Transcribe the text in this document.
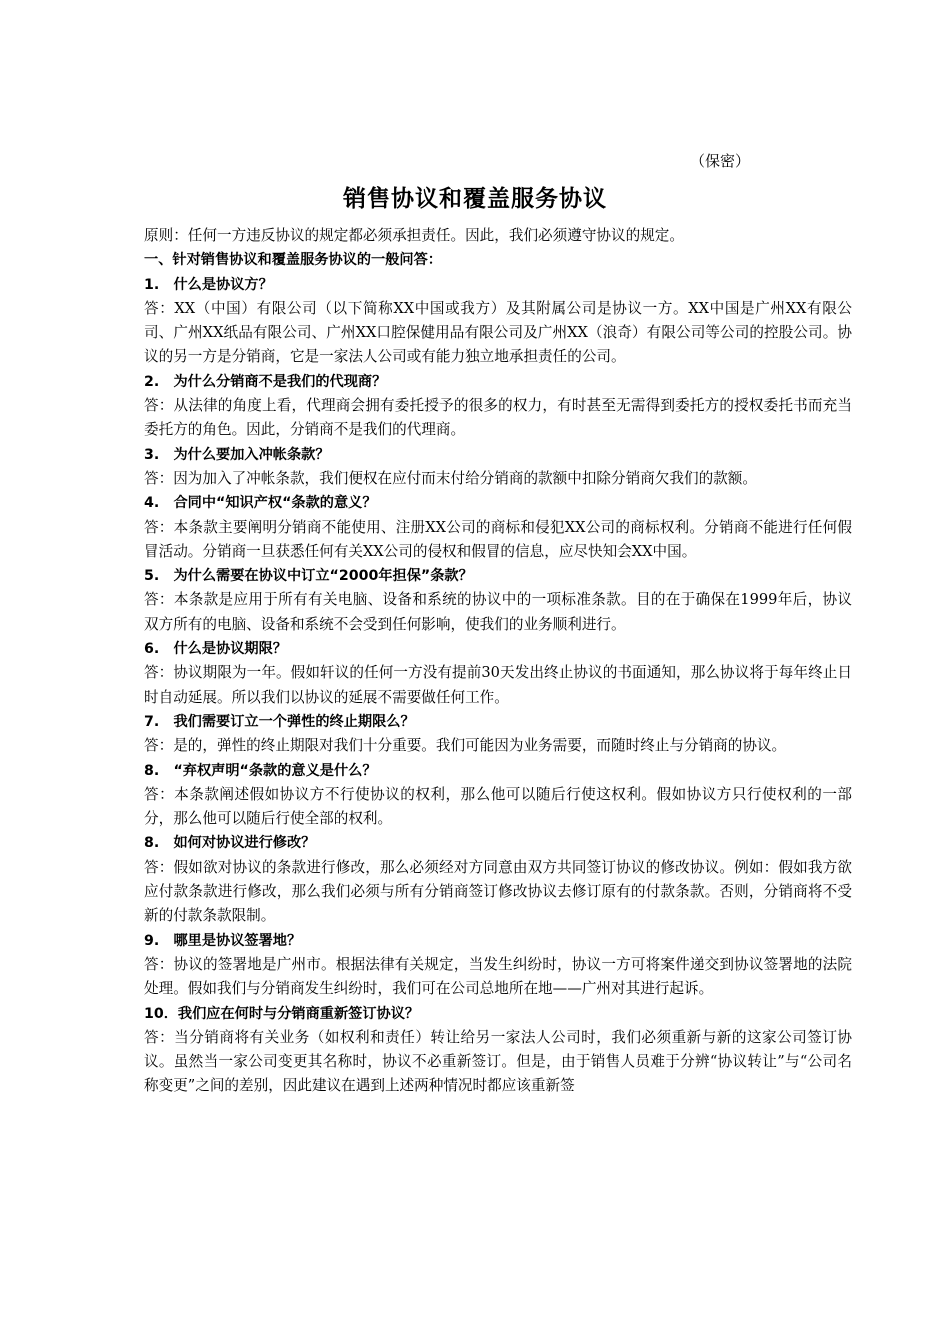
（保密）
销售协议和覆盖服务协议

原则：任何一方违反协议的规定都必须承担责任。因此，我们必须遵守协议的规定。

一、针对销售协议和覆盖服务协议的一般问答：

1.　什么是协议方？

答：XX（中国）有限公司（以下简称XX中国或我方）及其附属公司是协议一方。XX中国是广州XX有限公司、广州XX纸品有限公司、广州XX口腔保健用品有限公司及广州XX（浪奇）有限公司等公司的控股公司。协议的另一方是分销商，它是一家法人公司或有能力独立地承担责任的公司。

2.　为什么分销商不是我们的代现商？

答：从法律的角度上看，代理商会拥有委托授予的很多的权力，有时甚至无需得到委托方的授权委托书而充当委托方的角色。因此，分销商不是我们的代理商。

3.　为什么要加入冲帐条款？

答：因为加入了冲帐条款，我们便权在应付而末付给分销商的款额中扣除分销商欠我们的款额。

4.　合同中“知识产权“条款的意义？

答：本条款主要阐明分销商不能使用、注册XX公司的商标和侵犯XX公司的商标权利。分销商不能进行任何假冒活动。分销商一旦获悉任何有关XX公司的侵权和假冒的信息，应尽快知会XX中国。

5.　为什么需要在协议中订立“2000年担保”条款？

答：本条款是应用于所有有关电脑、设备和系统的协议中的一项标准条款。目的在于确保在1999年后，协议双方所有的电脑、设备和系统不会受到任何影响，使我们的业务顺利进行。

6.　什么是协议期限？

答：协议期限为一年。假如轩议的任何一方没有提前30天发出终止协议的书面通知，那么协议将于每年终止日时自动延展。所以我们以协议的延展不需要做任何工作。

7.　我们需要订立一个弹性的终止期限么？

答：是的，弹性的终止期限对我们十分重要。我们可能因为业务需要，而随时终止与分销商的协议。

8.　“弃权声明“条款的意义是什么？

答：本条款阐述假如协议方不行使协议的权利，那么他可以随后行使这权利。假如协议方只行使权利的一部分，那么他可以随后行使全部的权利。

8.　如何对协议进行修改？

答：假如欲对协议的条款进行修改，那么必须经对方同意由双方共同签订协议的修改协议。例如：假如我方欲应付款条款进行修改，那么我们必须与所有分销商签订修改协议去修订原有的付款条款。否则，分销商将不受新的付款条款限制。

9.　哪里是协议签署地？

答：协议的签署地是广州市。根据法律有关规定，当发生纠纷时，协议一方可将案件递交到协议签署地的法院处理。假如我们与分销商发生纠纷时，我们可在公司总地所在地——广州对其进行起诉。

10．我们应在何时与分销商重新签订协议？

答：当分销商将有关业务（如权利和责任）转让给另一家法人公司时，我们必须重新与新的这家公司签订协议。虽然当一家公司变更其名称时，协议不必重新签订。但是，由于销售人员难于分辨“协议转让”与“公司名称变更”之间的差别，因此建议在遇到上述两种情况时都应该重新签
